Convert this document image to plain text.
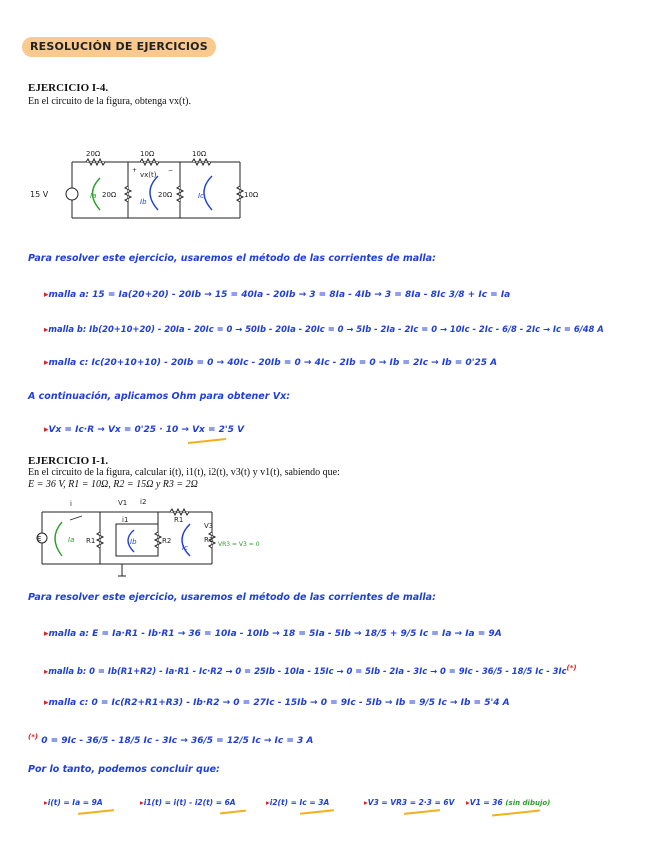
RESOLUCIÓN DE EJERCICIOS
EJERCICIO I-4.
En el circuito de la figura, obtenga vx(t).
15 V
20Ω	10Ω	10Ω
20Ω	20Ω	10Ω
+
vx(t)
−
Ia
Ib
Ic
Para resolver este ejercicio, usaremos el método de las corrientes de malla:
▸malla a: 15 = Ia(20+20) - 20Ib → 15 = 40Ia - 20Ib → 3 = 8Ia - 4Ib → 3 = 8Ia - 8Ic 3/8 + Ic = Ia
▸malla b: Ib(20+10+20) - 20Ia - 20Ic = 0 → 50Ib - 20Ia - 20Ic = 0 → 5Ib - 2Ia - 2Ic = 0 → 10Ic - 2Ic - 6/8 - 2Ic → Ic = 6/48 A
▸malla c: Ic(20+10+10) - 20Ib = 0 → 40Ic - 20Ib = 0 → 4Ic - 2Ib = 0 → Ib = 2Ic → Ib = 0'25 A
A continuación, aplicamos Ohm para obtener Vx:
▸Vx = Ic·R → Vx = 0'25 · 10 → Vx = 2'5 V
EJERCICIO I-1.
En el circuito de la figura, calcular i(t), i1(t), i2(t), v3(t) y v1(t), sabiendo que:
E = 36 V, R1 = 10Ω, R2 = 15Ω y R3 = 2Ω
E
i	V1 i2
i1	R1
R1	R2
V3
R3
Ia	Ib
Ic	VR3 = V3 = 0
Para resolver este ejercicio, usaremos el método de las corrientes de malla:
▸malla a: E = Ia·R1 - Ib·R1 → 36 = 10Ia - 10Ib → 18 = 5Ia - 5Ib → 18/5 + 9/5 Ic = Ia → Ia = 9A
▸malla b: 0 = Ib(R1+R2) - Ia·R1 - Ic·R2 → 0 = 25Ib - 10Ia - 15Ic → 0 = 5Ib - 2Ia - 3Ic → 0 = 9Ic - 36/5 - 18/5 Ic - 3Ic(*)
▸malla c: 0 = Ic(R2+R1+R3) - Ib·R2 → 0 = 27Ic - 15Ib → 0 = 9Ic - 5Ib → Ib = 9/5 Ic → Ib = 5'4 A
(*) 0 = 9Ic - 36/5 - 18/5 Ic - 3Ic → 36/5 = 12/5 Ic → Ic = 3 A
Por lo tanto, podemos concluir que:
▸i(t) = Ia = 9A	▸i1(t) = i(t) - i2(t) = 6A	▸i2(t) = Ic = 3A	▸V3 = VR3 = 2·3 = 6V ▸V1 = 36 (sin dibujo)
